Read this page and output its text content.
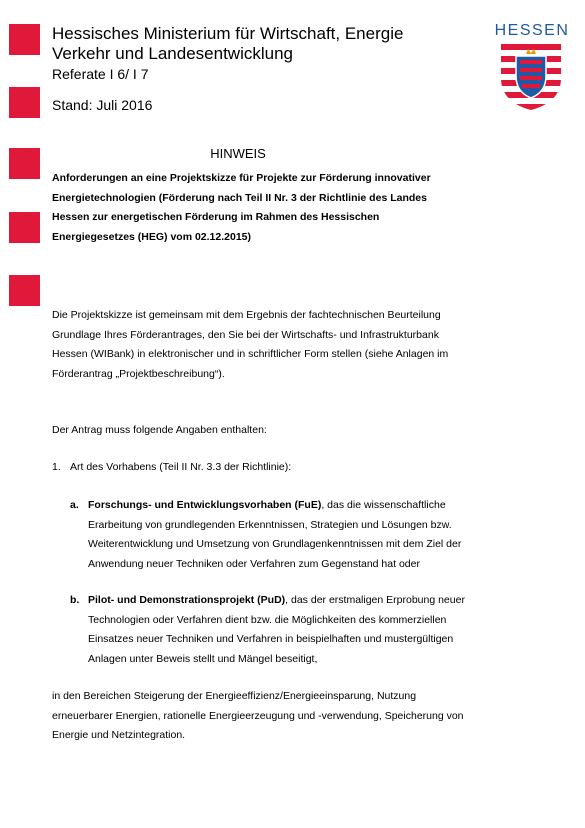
Hessisches Ministerium für Wirtschaft, Energie
Verkehr und Landesentwicklung
Referate I 6/ I 7
Stand: Juli 2016
HESSEN
HINWEIS
Anforderungen an eine Projektskizze für Projekte zur Förderung innovativer
Energietechnologien (Förderung nach Teil II Nr. 3 der Richtlinie des Landes
Hessen zur energetischen Förderung im Rahmen des Hessischen
Energiegesetzes (HEG) vom 02.12.2015)
Die Projektskizze ist gemeinsam mit dem Ergebnis der fachtechnischen Beurteilung
Grundlage Ihres Förderantrages, den Sie bei der Wirtschafts- und Infrastrukturbank
Hessen (WIBank) in elektronischer und in schriftlicher Form stellen (siehe Anlagen im
Förderantrag „Projektbeschreibung“).
Der Antrag muss folgende Angaben enthalten:
1. Art des Vorhabens (Teil II Nr. 3.3 der Richtlinie):
a. Forschungs- und Entwicklungsvorhaben (FuE), das die wissenschaftliche
Erarbeitung von grundlegenden Erkenntnissen, Strategien und Lösungen bzw.
Weiterentwicklung und Umsetzung von Grundlagenkenntnissen mit dem Ziel der
Anwendung neuer Techniken oder Verfahren zum Gegenstand hat oder
b. Pilot- und Demonstrationsprojekt (PuD), das der erstmaligen Erprobung neuer
Technologien oder Verfahren dient bzw. die Möglichkeiten des kommerziellen
Einsatzes neuer Techniken und Verfahren in beispielhaften und mustergültigen
Anlagen unter Beweis stellt und Mängel beseitigt,
in den Bereichen Steigerung der Energieeffizienz/Energieeinsparung, Nutzung
erneuerbarer Energien, rationelle Energieerzeugung und -verwendung, Speicherung von
Energie und Netzintegration.
